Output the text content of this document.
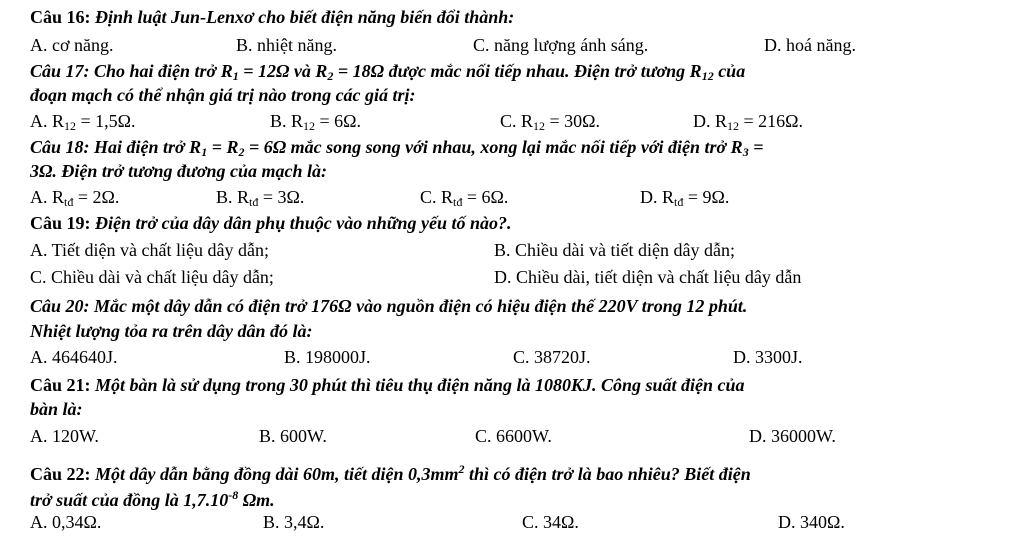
Câu 16: Định luật Jun-Lenxơ cho biết điện năng biến đổi thành:
A. cơ năng.	B. nhiệt năng.	C. năng lượng ánh sáng.	D. hoá năng.
Câu 17: Cho hai điện trở $R_1 = 12\Omega$ và $R_2 = 18\Omega$ được mắc nối tiếp nhau. Điện trở tương $R_{12}$ của
đoạn mạch có thể nhận giá trị nào trong các giá trị:
A. $R_{12} = 1,5\Omega$.	B. $R_{12} = 6\Omega$.	C. $R_{12} = 30\Omega$.	D. $R_{12} = 216\Omega$.
Câu 18: Hai điện trở $R_1 = R_2 = 6\Omega$ mắc song song với nhau, xong lại mắc nối tiếp với điện trở $R_3$ =
3Ω. Điện trở tương đương của mạch là:
A. $R_{tđ} = 2\Omega$.	B. $R_{tđ} = 3\Omega$.	C. $R_{tđ} = 6\Omega$.	D. $R_{tđ} = 9\Omega$.
Câu 19: Điện trở của dây dân phụ thuộc vào những yếu tố nào?.
A. Tiết diện và chất liệu dây dẫn;	B. Chiều dài và tiết diện dây dẫn;
C. Chiều dài và chất liệu dây dẫn;	D. Chiều dài, tiết diện và chất liệu dây dẫn
Câu 20: Mắc một dây dẫn có điện trở 176Ω vào nguồn điện có hiệu điện thế 220V trong 12 phút.
Nhiệt lượng tỏa ra trên dây dân đó là:
A. 464640J.	B. 198000J.	C. 38720J.	D. 3300J.
Câu 21: Một bàn là sử dụng trong 30 phút thì tiêu thụ điện năng là 1080KJ. Công suất điện của
bàn là:
A. 120W.	B. 600W.	C. 6600W.	D. 36000W.
Câu 22: Một dây dẫn bằng đồng dài 60m, tiết diện $0,3mm^2$ thì có điện trở là bao nhiêu? Biết điện
trở suất của đồng là $1,7.10^{-8}$ Ωm.
A. 0,34Ω.	B. 3,4Ω.	C. 34Ω.	D. 340Ω.
